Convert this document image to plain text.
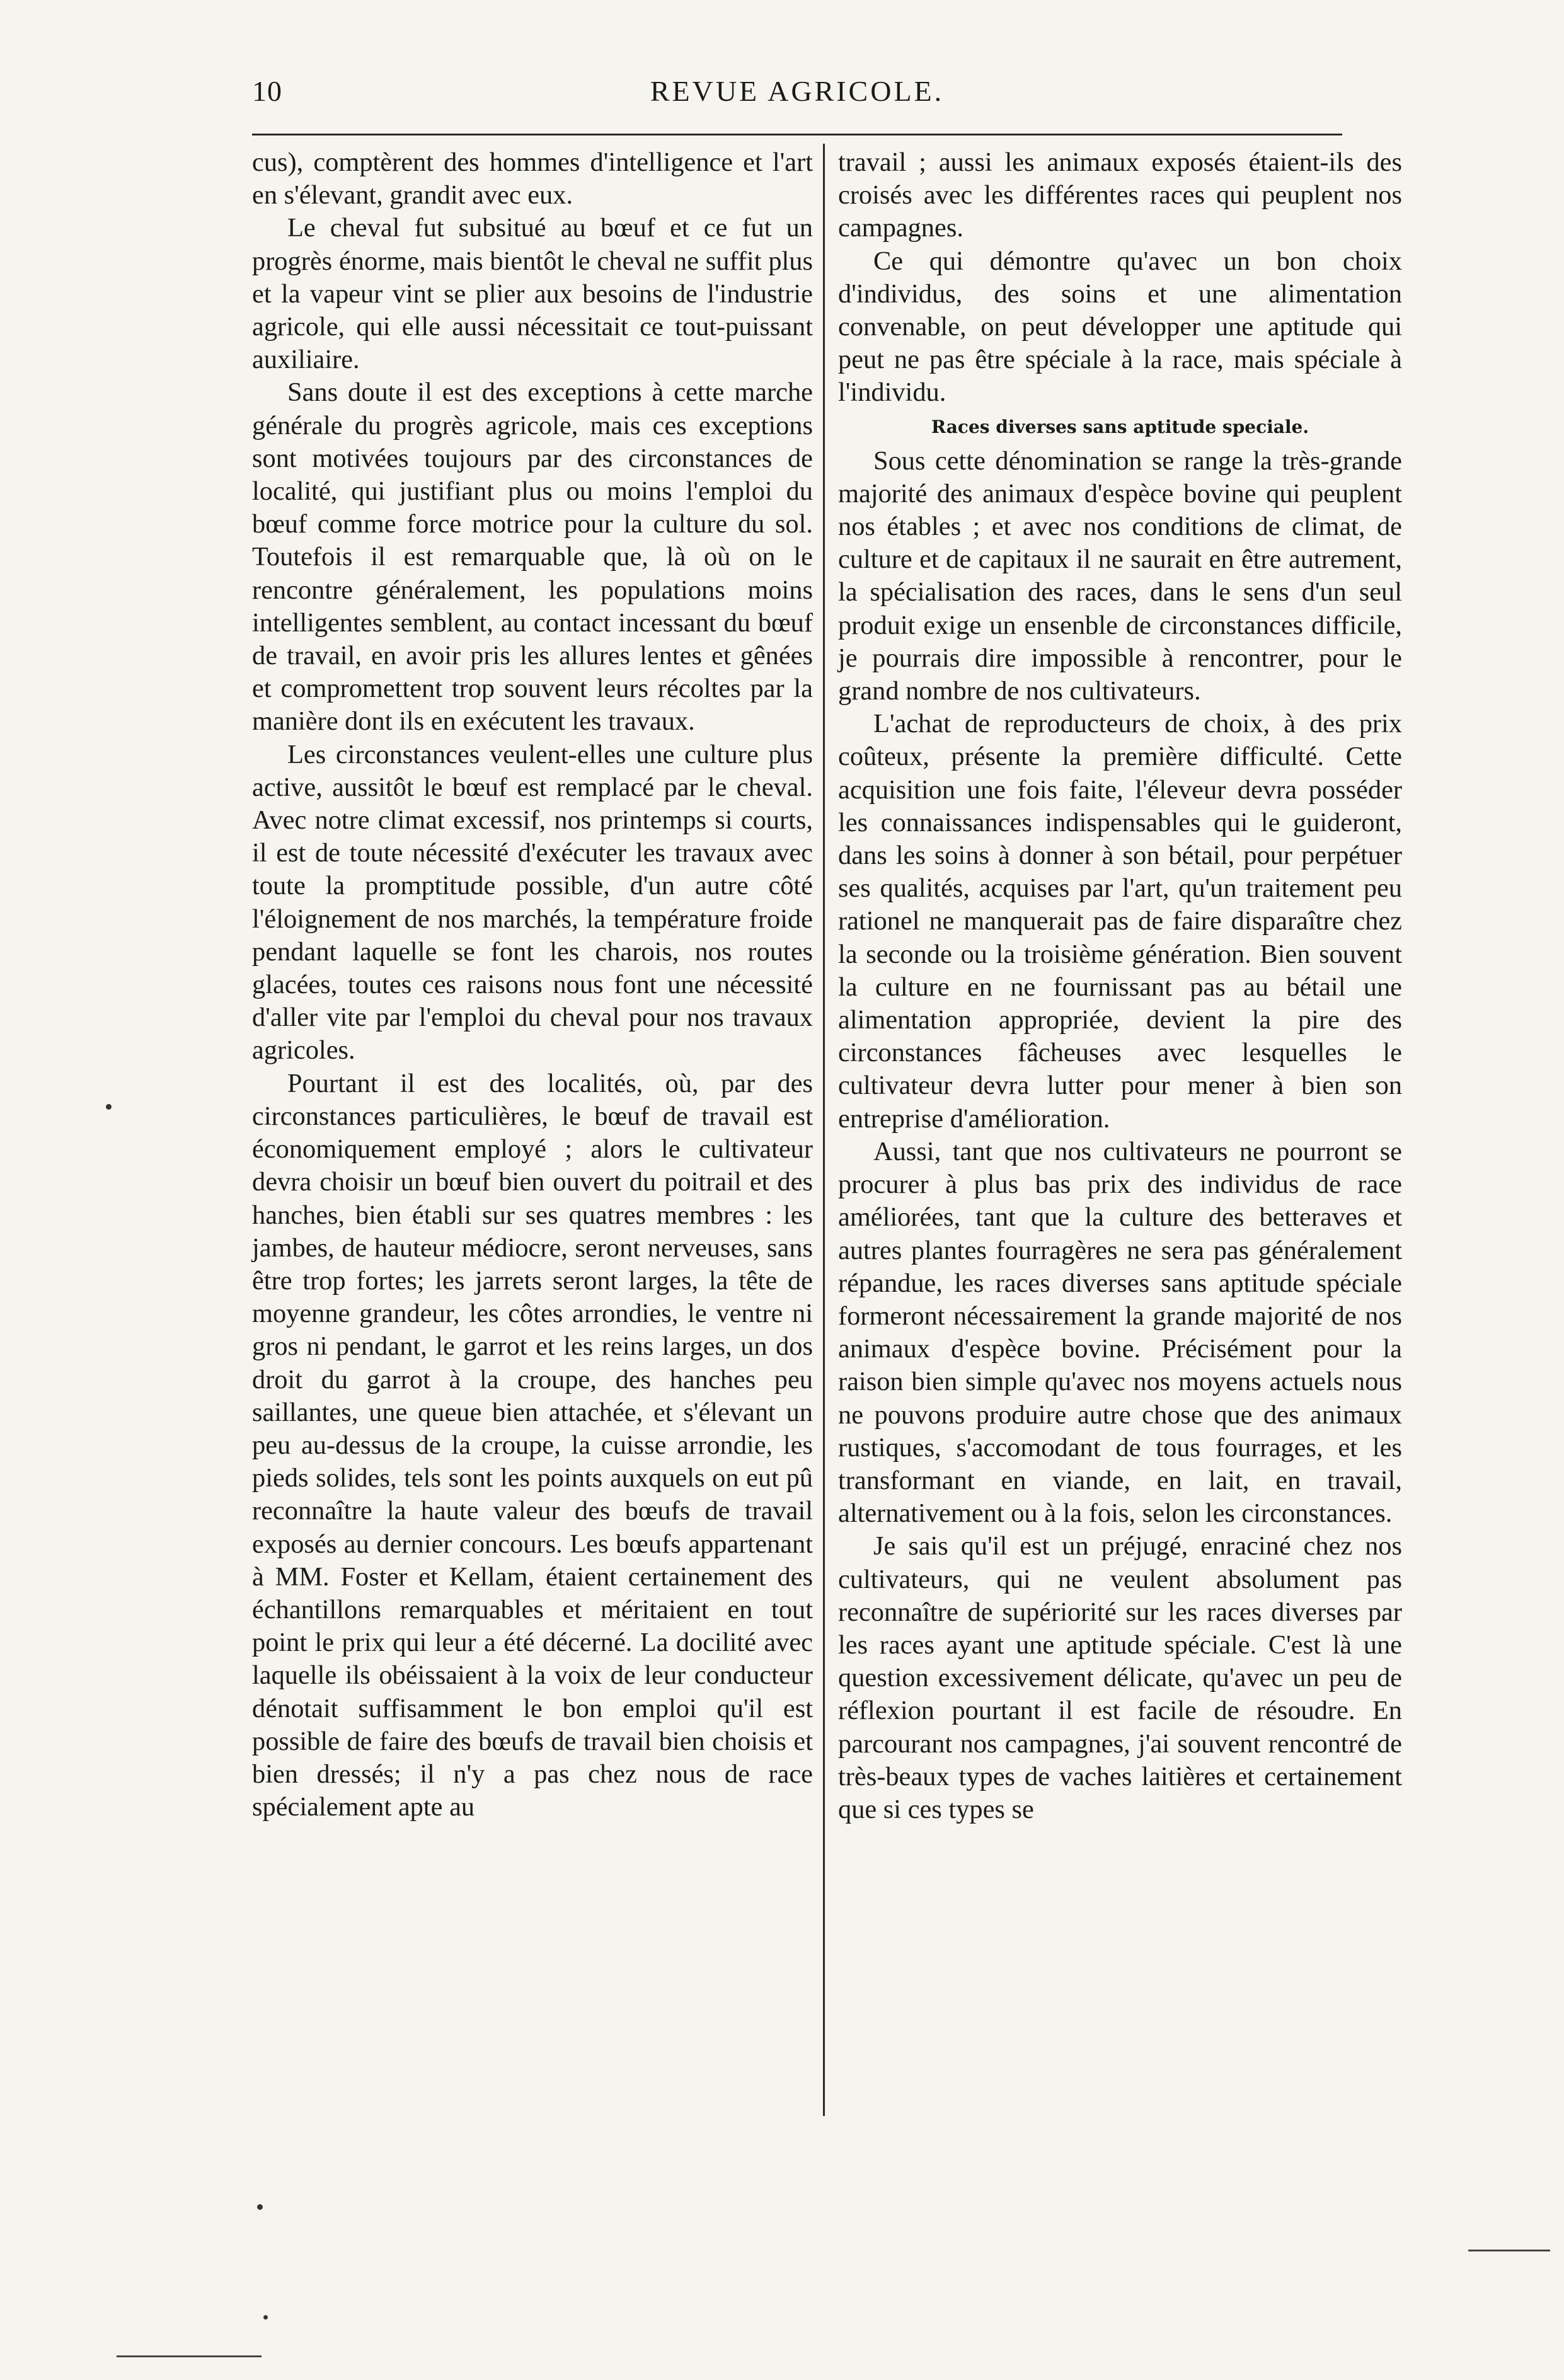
10	REVUE AGRICOLE.

cus), comptèrent des hommes d'intelligence et l'art en s'élevant, grandit avec eux.

Le cheval fut subsitué au bœuf et ce fut un progrès énorme, mais bientôt le cheval ne suffit plus et la vapeur vint se plier aux besoins de l'industrie agricole, qui elle aussi nécessitait ce tout-puissant auxiliaire.

Sans doute il est des exceptions à cette marche générale du progrès agricole, mais ces exceptions sont motivées toujours par des circonstances de localité, qui justifiant plus ou moins l'emploi du bœuf comme force motrice pour la culture du sol. Toutefois il est remarquable que, là où on le rencontre généralement, les populations moins intelligentes semblent, au contact incessant du bœuf de travail, en avoir pris les allures lentes et gênées et compromettent trop souvent leurs récoltes par la manière dont ils en exécutent les travaux.

Les circonstances veulent-elles une culture plus active, aussitôt le bœuf est remplacé par le cheval. Avec notre climat excessif, nos printemps si courts, il est de toute nécessité d'exécuter les travaux avec toute la promptitude possible, d'un autre côté l'éloignement de nos marchés, la température froide pendant laquelle se font les charois, nos routes glacées, toutes ces raisons nous font une nécessité d'aller vite par l'emploi du cheval pour nos travaux agricoles.

Pourtant il est des localités, où, par des circonstances particulières, le bœuf de travail est économiquement employé ; alors le cultivateur devra choisir un bœuf bien ouvert du poitrail et des hanches, bien établi sur ses quatres membres : les jambes, de hauteur médiocre, seront nerveuses, sans être trop fortes; les jarrets seront larges, la tête de moyenne grandeur, les côtes arrondies, le ventre ni gros ni pendant, le garrot et les reins larges, un dos droit du garrot à la croupe, des hanches peu saillantes, une queue bien attachée, et s'élevant un peu au-dessus de la croupe, la cuisse arrondie, les pieds solides, tels sont les points auxquels on eut pû reconnaître la haute valeur des bœufs de travail exposés au dernier concours. Les bœufs appartenant à MM. Foster et Kellam, étaient certainement des échantillons remarquables et méritaient en tout point le prix qui leur a été décerné. La docilité avec laquelle ils obéissaient à la voix de leur conducteur dénotait suffisamment le bon emploi qu'il est possible de faire des bœufs de travail bien choisis et bien dressés; il n'y a pas chez nous de race spécialement apte au

travail ; aussi les animaux exposés étaient-ils des croisés avec les différentes races qui peuplent nos campagnes.

Ce qui démontre qu'avec un bon choix d'individus, des soins et une alimentation convenable, on peut développer une aptitude qui peut ne pas être spéciale à la race, mais spéciale à l'individu.

Races diverses sans aptitude speciale.

Sous cette dénomination se range la très-grande majorité des animaux d'espèce bovine qui peuplent nos étables ; et avec nos conditions de climat, de culture et de capitaux il ne saurait en être autrement, la spécialisation des races, dans le sens d'un seul produit exige un ensenble de circonstances difficile, je pourrais dire impossible à rencontrer, pour le grand nombre de nos cultivateurs.

L'achat de reproducteurs de choix, à des prix coûteux, présente la première difficulté. Cette acquisition une fois faite, l'éleveur devra posséder les connaissances indispensables qui le guideront, dans les soins à donner à son bétail, pour perpétuer ses qualités, acquises par l'art, qu'un traitement peu rationel ne manquerait pas de faire disparaître chez la seconde ou la troisième génération. Bien souvent la culture en ne fournissant pas au bétail une alimentation appropriée, devient la pire des circonstances fâcheuses avec lesquelles le cultivateur devra lutter pour mener à bien son entreprise d'amélioration.

Aussi, tant que nos cultivateurs ne pourront se procurer à plus bas prix des individus de race améliorées, tant que la culture des betteraves et autres plantes fourragères ne sera pas généralement répandue, les races diverses sans aptitude spéciale formeront nécessairement la grande majorité de nos animaux d'espèce bovine. Précisément pour la raison bien simple qu'avec nos moyens actuels nous ne pouvons produire autre chose que des animaux rustiques, s'accomodant de tous fourrages, et les transformant en viande, en lait, en travail, alternativement ou à la fois, selon les circonstances.

Je sais qu'il est un préjugé, enraciné chez nos cultivateurs, qui ne veulent absolument pas reconnaître de supériorité sur les races diverses par les races ayant une aptitude spéciale. C'est là une question excessivement délicate, qu'avec un peu de réflexion pourtant il est facile de résoudre. En parcourant nos campagnes, j'ai souvent rencontré de très-beaux types de vaches laitières et certainement que si ces types se
